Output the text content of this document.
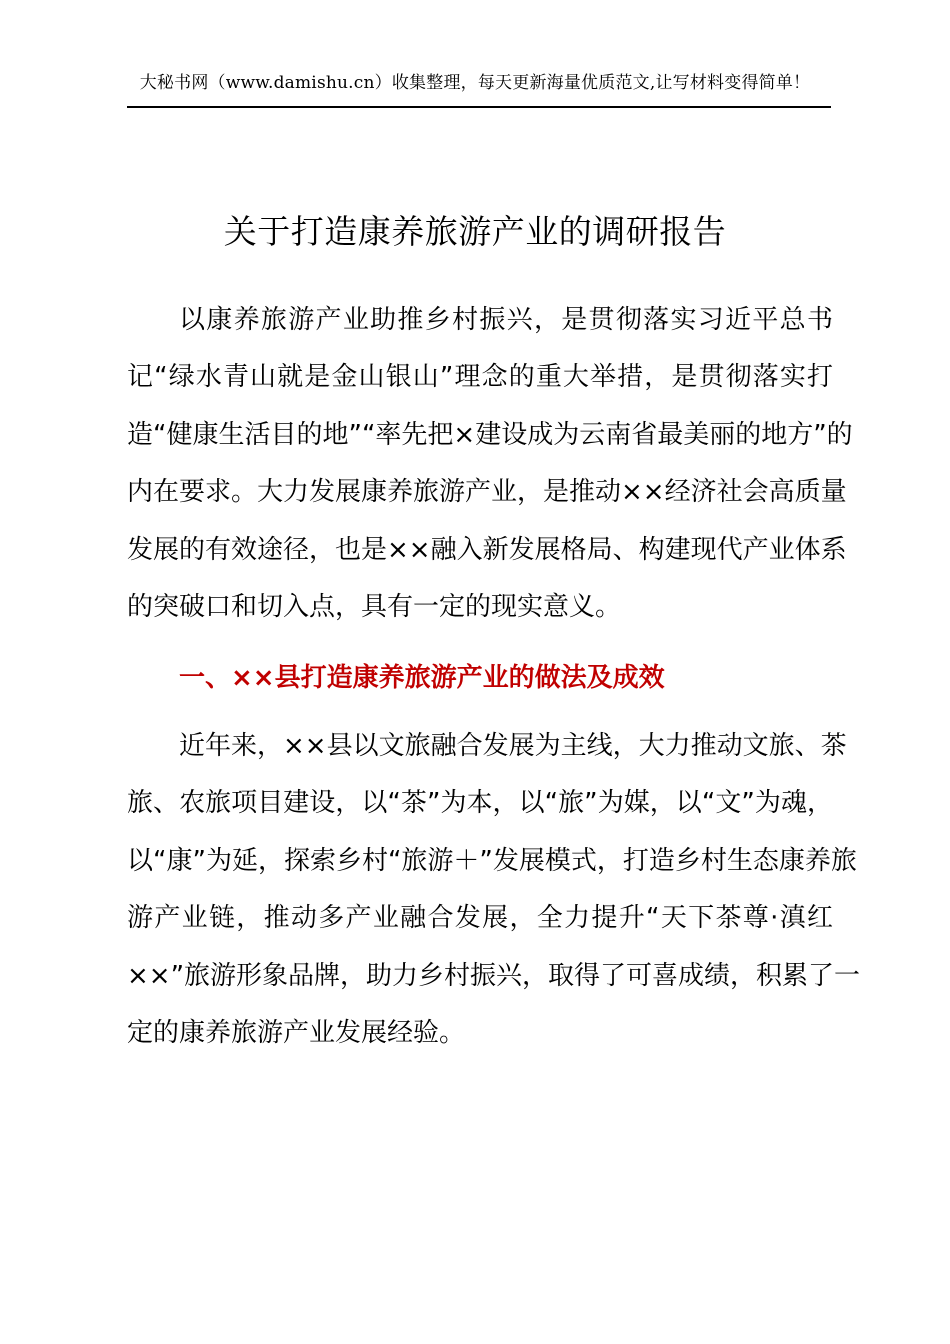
大秘书网（www.damishu.cn）收集整理，每天更新海量优质范文,让写材料变得简单！
关于打造康养旅游产业的调研报告
以康养旅游产业助推乡村振兴，是贯彻落实习近平总书
记“绿水青山就是金山银山”理念的重大举措，是贯彻落实打
造“健康生活目的地”“率先把×建设成为云南省最美丽的地方”的
内在要求。大力发展康养旅游产业，是推动××经济社会高质量
发展的有效途径，也是××融入新发展格局、构建现代产业体系
的突破口和切入点，具有一定的现实意义。
一、××县打造康养旅游产业的做法及成效
近年来，××县以文旅融合发展为主线，大力推动文旅、茶
旅、农旅项目建设，以“茶”为本，以“旅”为媒，以“文”为魂，
以“康”为延，探索乡村“旅游＋”发展模式，打造乡村生态康养旅
游产业链，推动多产业融合发展，全力提升“天下茶尊·滇红
××”旅游形象品牌，助力乡村振兴，取得了可喜成绩，积累了一
定的康养旅游产业发展经验。
